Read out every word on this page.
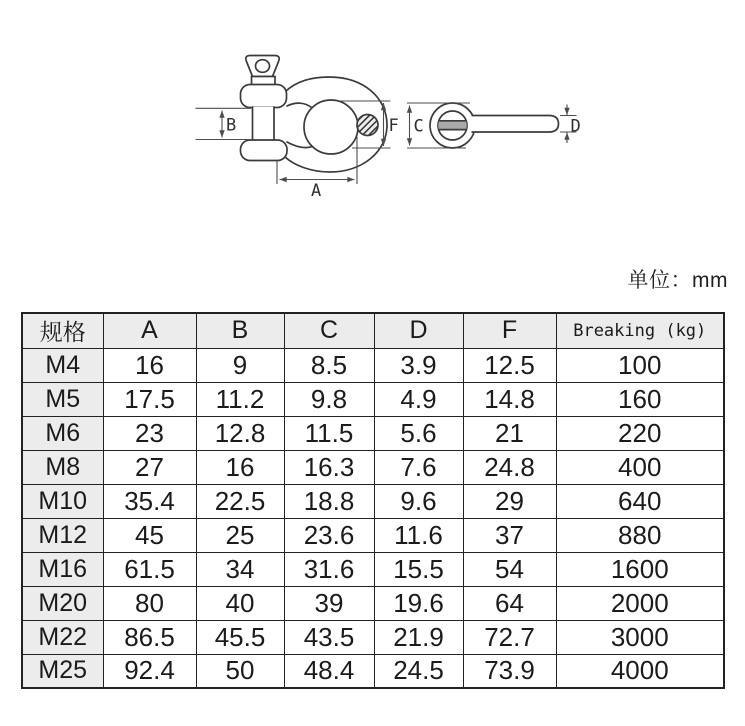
B	F
A
C	D
单位：mm
规格	A	B	C	D	F	Breaking (kg)
M4	16	9	8.5	3.9	12.5	100
M5	17.5	11.2	9.8	4.9	14.8	160
M6	23	12.8	11.5	5.6	21	220
M8	27	16	16.3	7.6	24.8	400
M10	35.4	22.5	18.8	9.6	29	640
M12	45	25	23.6	11.6	37	880
M16	61.5	34	31.6	15.5	54	1600
M20	80	40	39	19.6	64	2000
M22	86.5	45.5	43.5	21.9	72.7	3000
M25	92.4	50	48.4	24.5	73.9	4000
